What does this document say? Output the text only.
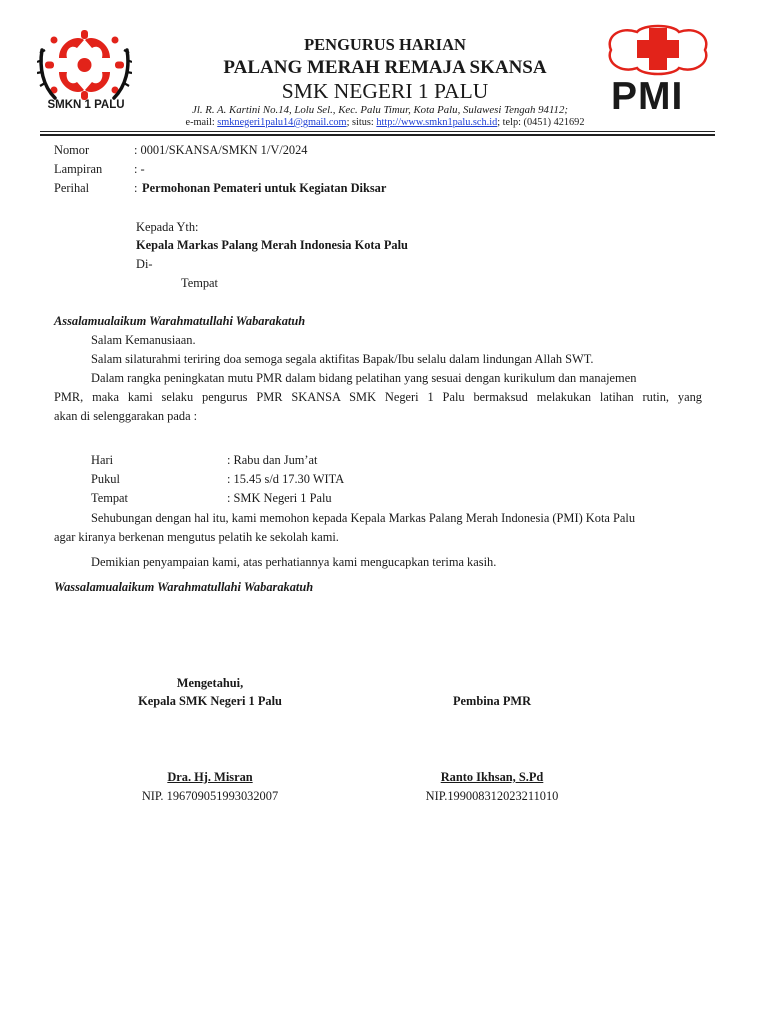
SMKN 1 PALU	PMI
PENGURUS HARIAN
PALANG MERAH REMAJA SKANSA
SMK NEGERI 1 PALU
Jl. R. A. Kartini No.14, Lolu Sel., Kec. Palu Timur, Kota Palu, Sulawesi Tengah 94112;
e-mail: smknegeri1palu14@gmail.com; situs: http://www.smkn1palu.sch.id; telp: (0451) 421692
Nomor	: 0001/SKANSA/SMKN 1/V/2024
Lampiran	: -
Perihal	: Permohonan Pemateri untuk Kegiatan Diksar
Kepada Yth:
Kepala Markas Palang Merah Indonesia Kota Palu
Di-
Tempat
Assalamualaikum Warahmatullahi Wabarakatuh
Salam Kemanusiaan.
Salam silaturahmi teriring doa semoga segala aktifitas Bapak/Ibu selalu dalam lindungan Allah SWT.
Dalam rangka peningkatan mutu PMR dalam bidang pelatihan yang sesuai dengan kurikulum dan manajemen
PMR, maka kami selaku pengurus PMR SKANSA SMK Negeri 1 Palu bermaksud melakukan latihan rutin, yang
akan di selenggarakan pada :
Hari	: Rabu dan Jum’at
Pukul	: 15.45 s/d 17.30 WITA
Tempat	: SMK Negeri 1 Palu
Sehubungan dengan hal itu, kami memohon kepada Kepala Markas Palang Merah Indonesia (PMI) Kota Palu
agar kiranya berkenan mengutus pelatih ke sekolah kami.
Demikian penyampaian kami, atas perhatiannya kami mengucapkan terima kasih.
Wassalamualaikum Warahmatullahi Wabarakatuh
Mengetahui,
Kepala SMK Negeri 1 Palu	Pembina PMR
Dra. Hj. Misran	Ranto Ikhsan, S.Pd
NIP. 196709051993032007	NIP.199008312023211010
